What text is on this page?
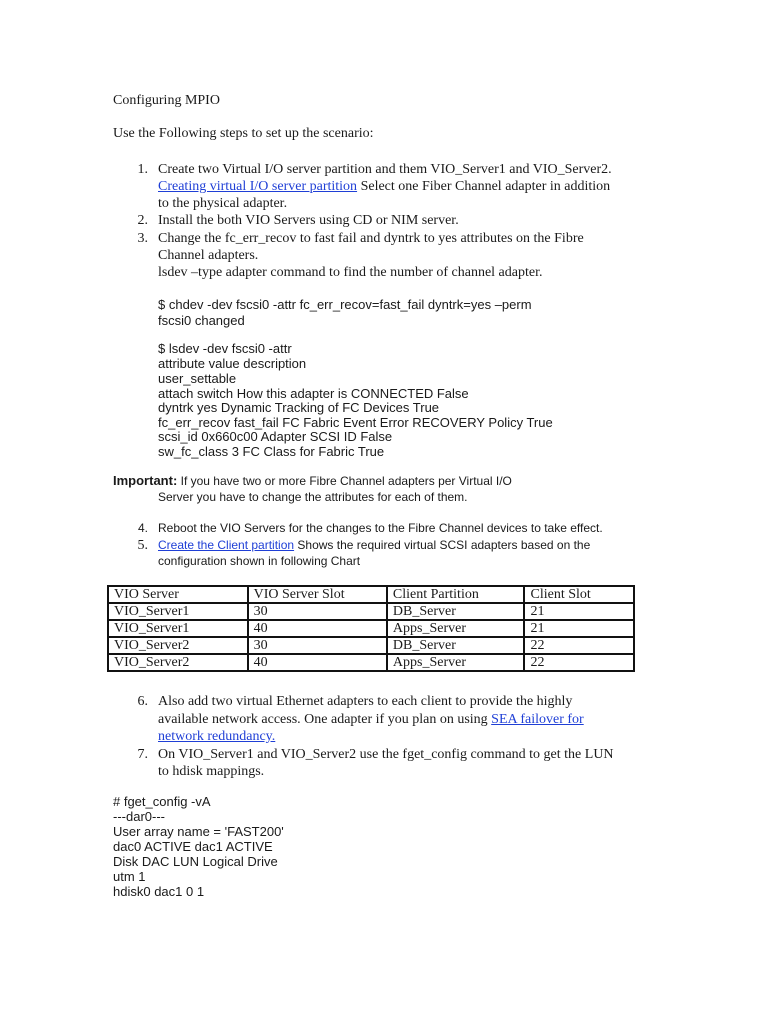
Configuring MPIO
Use the Following steps to set up the scenario:
1. Create two Virtual I/O server partition and them VIO_Server1 and VIO_Server2.
Creating virtual I/O server partition Select one Fiber Channel adapter in addition
to the physical adapter.
2. Install the both VIO Servers using CD or NIM server.
3. Change the fc_err_recov to fast fail and dyntrk to yes attributes on the Fibre
Channel adapters.
lsdev –type adapter command to find the number of channel adapter.
$ chdev -dev fscsi0 -attr fc_err_recov=fast_fail dyntrk=yes –perm
fscsi0 changed
$ lsdev -dev fscsi0 -attr
attribute value description
user_settable
attach switch How this adapter is CONNECTED False
dyntrk yes Dynamic Tracking of FC Devices True
fc_err_recov fast_fail FC Fabric Event Error RECOVERY Policy True
scsi_id 0x660c00 Adapter SCSI ID False
sw_fc_class 3 FC Class for Fabric True
Important: If you have two or more Fibre Channel adapters per Virtual I/O
Server you have to change the attributes for each of them.
4. Reboot the VIO Servers for the changes to the Fibre Channel devices to take effect.
5. Create the Client partition Shows the required virtual SCSI adapters based on the
configuration shown in following Chart
VIO Server	VIO Server Slot	Client Partition	Client Slot
VIO_Server1	30	DB_Server	21
VIO_Server1	40	Apps_Server	21
VIO_Server2	30	DB_Server	22
VIO_Server2	40	Apps_Server	22
6. Also add two virtual Ethernet adapters to each client to provide the highly
available network access. One adapter if you plan on using SEA failover for
network redundancy.
7. On VIO_Server1 and VIO_Server2 use the fget_config command to get the LUN
to hdisk mappings.
# fget_config -vA
---dar0---
User array name = 'FAST200'
dac0 ACTIVE dac1 ACTIVE
Disk DAC LUN Logical Drive
utm 1
hdisk0 dac1 0 1
